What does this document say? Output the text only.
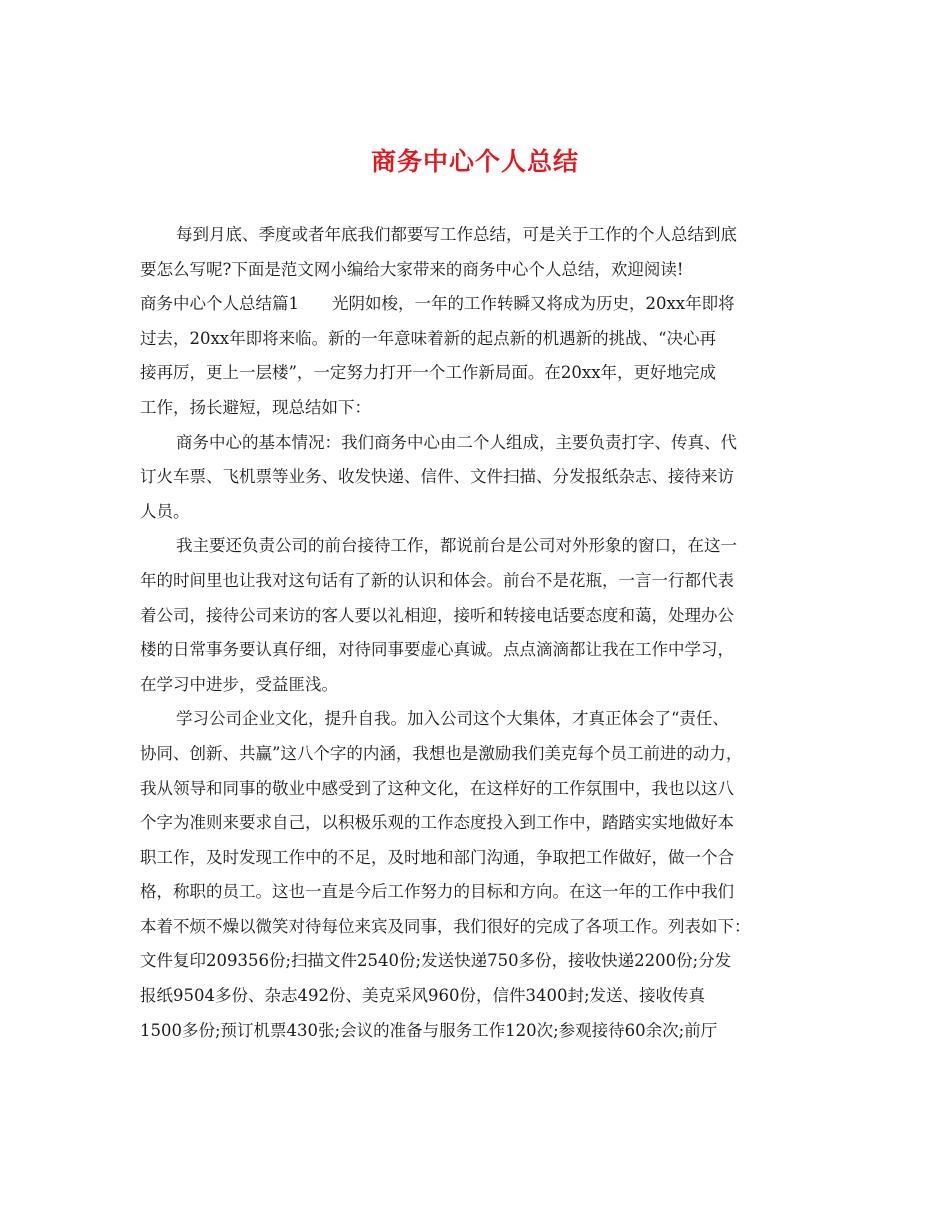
商务中心个人总结
每到月底、季度或者年底我们都要写工作总结，可是关于工作的个人总结到底
要怎么写呢?下面是范文网小编给大家带来的商务中心个人总结，欢迎阅读!
商务中心个人总结篇1　　光阴如梭，一年的工作转瞬又将成为历史，20xx年即将
过去，20xx年即将来临。新的一年意味着新的起点新的机遇新的挑战、“决心再
接再厉，更上一层楼”，一定努力打开一个工作新局面。在20xx年，更好地完成
工作，扬长避短，现总结如下：
商务中心的基本情况：我们商务中心由二个人组成，主要负责打字、传真、代
订火车票、飞机票等业务、收发快递、信件、文件扫描、分发报纸杂志、接待来访
人员。
我主要还负责公司的前台接待工作，都说前台是公司对外形象的窗口，在这一
年的时间里也让我对这句话有了新的认识和体会。前台不是花瓶，一言一行都代表
着公司，接待公司来访的客人要以礼相迎，接听和转接电话要态度和蔼，处理办公
楼的日常事务要认真仔细，对待同事要虚心真诚。点点滴滴都让我在工作中学习，
在学习中进步，受益匪浅。
学习公司企业文化，提升自我。加入公司这个大集体，才真正体会了“责任、
协同、创新、共赢”这八个字的内涵，我想也是激励我们美克每个员工前进的动力，
我从领导和同事的敬业中感受到了这种文化，在这样好的工作氛围中，我也以这八
个字为准则来要求自己，以积极乐观的工作态度投入到工作中，踏踏实实地做好本
职工作，及时发现工作中的不足，及时地和部门沟通，争取把工作做好，做一个合
格，称职的员工。这也一直是今后工作努力的目标和方向。在这一年的工作中我们
本着不烦不燥以微笑对待每位来宾及同事，我们很好的完成了各项工作。列表如下：
文件复印209356份;扫描文件2540份;发送快递750多份，接收快递2200份;分发
报纸9504多份、杂志492份、美克采风960份，信件3400封;发送、接收传真
1500多份;预订机票430张;会议的准备与服务工作120次;参观接待60余次;前厅
